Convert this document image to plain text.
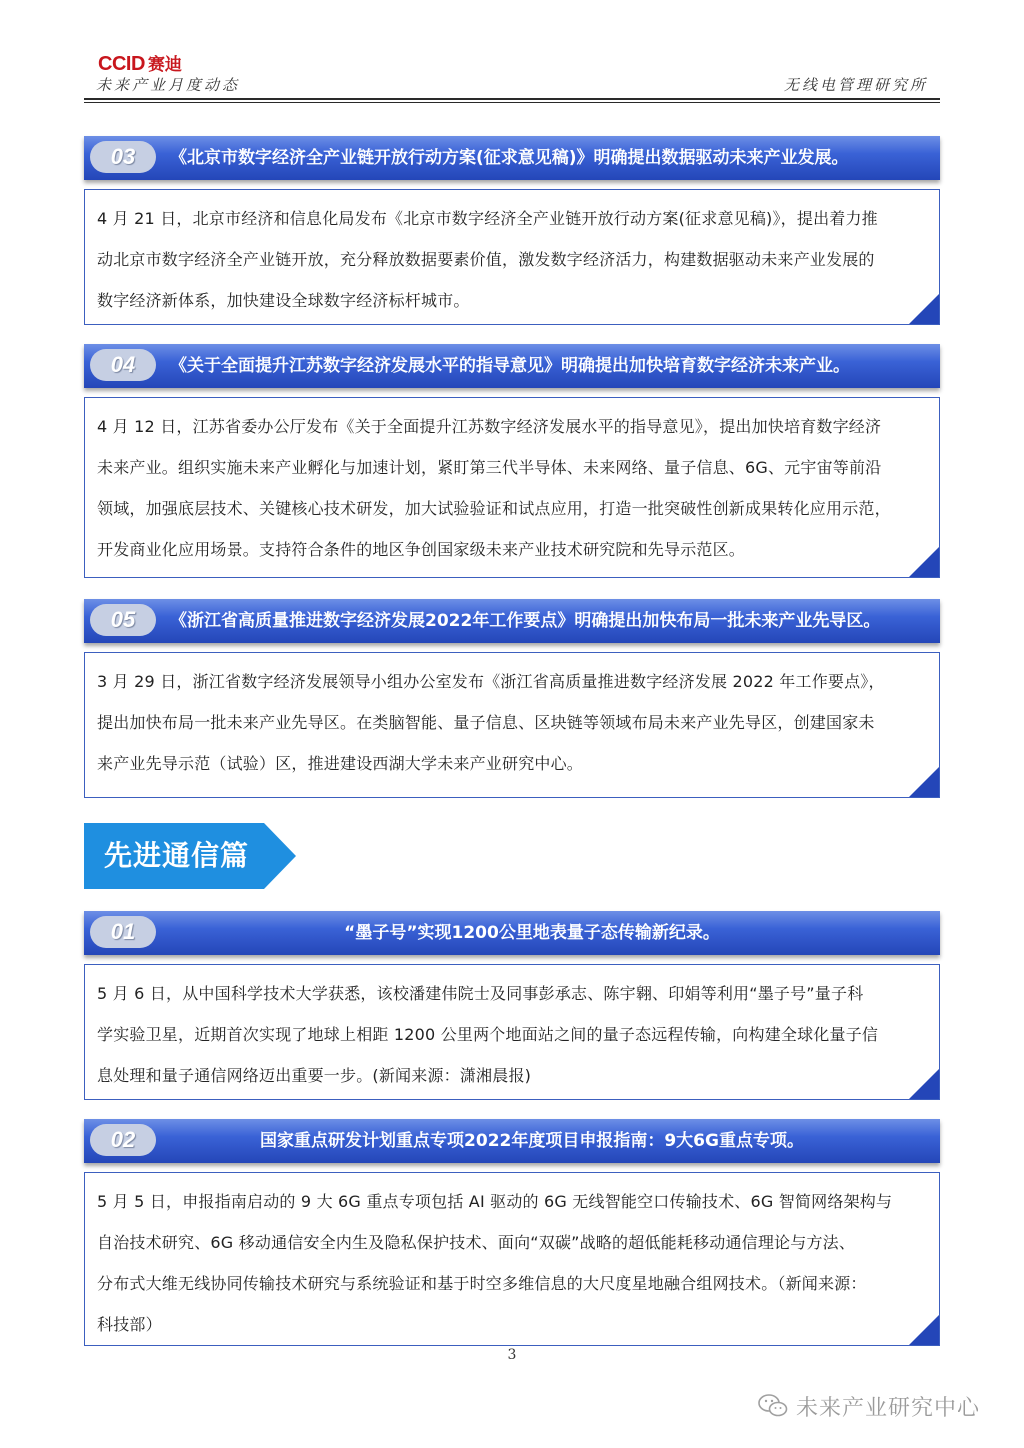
CCID 赛迪
未来产业月度动态	无线电管理研究所
03 《北京市数字经济全产业链开放行动方案(征求意见稿)》明确提出数据驱动未来产业发展。

4 月 21 日，北京市经济和信息化局发布《北京市数字经济全产业链开放行动方案(征求意见稿)》，提出着力推

动北京市数字经济全产业链开放，充分释放数据要素价值，激发数字经济活力，构建数据驱动未来产业发展的

数字经济新体系，加快建设全球数字经济标杆城市。

04 《关于全面提升江苏数字经济发展水平的指导意见》明确提出加快培育数字经济未来产业。

4 月 12 日，江苏省委办公厅发布《关于全面提升江苏数字经济发展水平的指导意见》，提出加快培育数字经济

未来产业。组织实施未来产业孵化与加速计划，紧盯第三代半导体、未来网络、量子信息、6G、元宇宙等前沿

领域，加强底层技术、关键核心技术研发，加大试验验证和试点应用，打造一批突破性创新成果转化应用示范，

开发商业化应用场景。支持符合条件的地区争创国家级未来产业技术研究院和先导示范区。

05 《浙江省高质量推进数字经济发展2022年工作要点》明确提出加快布局一批未来产业先导区。

3 月 29 日，浙江省数字经济发展领导小组办公室发布《浙江省高质量推进数字经济发展 2022 年工作要点》，

提出加快布局一批未来产业先导区。在类脑智能、量子信息、区块链等领域布局未来产业先导区，创建国家未

来产业先导示范（试验）区，推进建设西湖大学未来产业研究中心。

先进通信篇
01	“墨子号”实现1200公里地表量子态传输新纪录。

5 月 6 日，从中国科学技术大学获悉，该校潘建伟院士及同事彭承志、陈宇翱、印娟等利用“墨子号”量子科

学实验卫星，近期首次实现了地球上相距 1200 公里两个地面站之间的量子态远程传输，向构建全球化量子信

息处理和量子通信网络迈出重要一步。(新闻来源：潇湘晨报)

02	国家重点研发计划重点专项2022年度项目申报指南：9大6G重点专项。

5 月 5 日，申报指南启动的 9 大 6G 重点专项包括 AI 驱动的 6G 无线智能空口传输技术、6G 智简网络架构与

自治技术研究、6G 移动通信安全内生及隐私保护技术、面向“双碳”战略的超低能耗移动通信理论与方法、

分布式大维无线协同传输技术研究与系统验证和基于时空多维信息的大尺度星地融合组网技术。（新闻来源：

科技部）

3
未来产业研究中心
